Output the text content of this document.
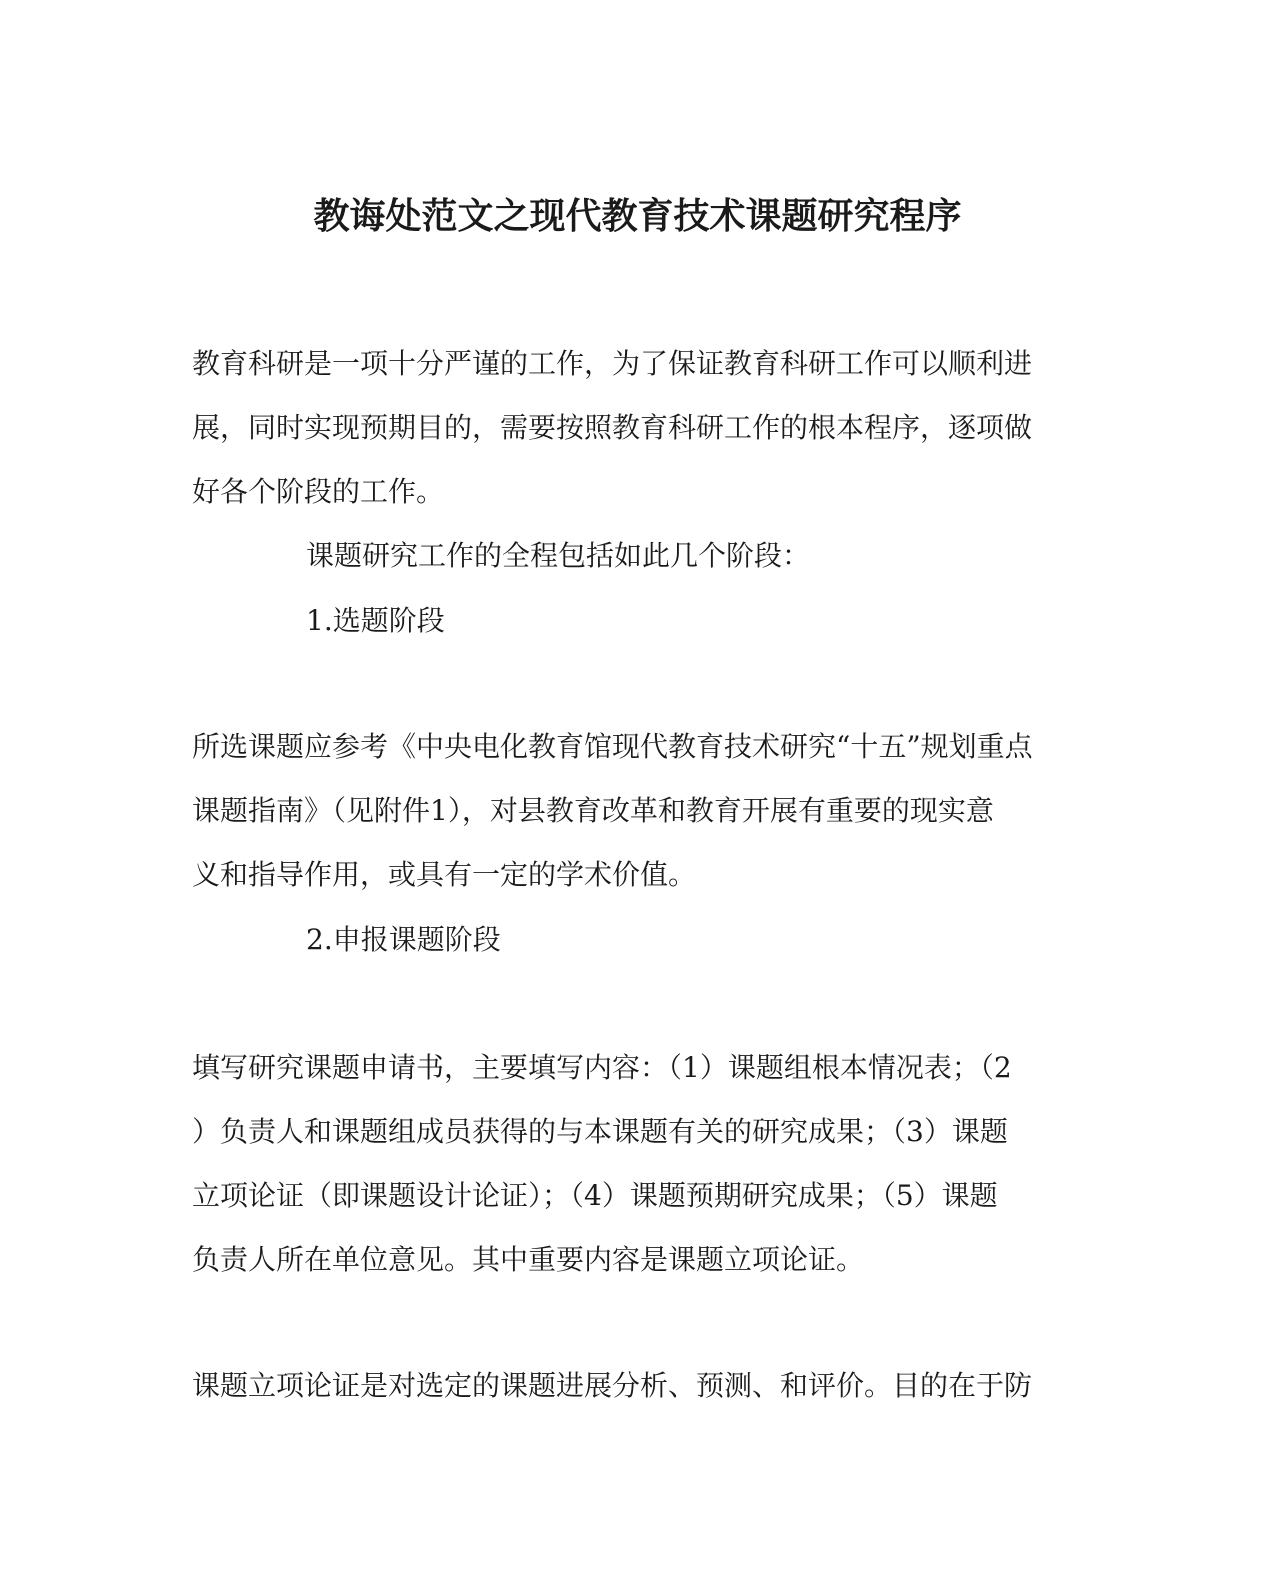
教诲处范文之现代教育技术课题研究程序
教育科研是一项十分严谨的工作，为了保证教育科研工作可以顺利进
展，同时实现预期目的，需要按照教育科研工作的根本程序，逐项做
好各个阶段的工作。

课题研究工作的全程包括如此几个阶段：

1.选题阶段

所选课题应参考《中央电化教育馆现代教育技术研究“十五”规划重点
课题指南》（见附件1），对县教育改革和教育开展有重要的现实意
义和指导作用，或具有一定的学术价值。

2.申报课题阶段

填写研究课题申请书，主要填写内容：（1）课题组根本情况表；（2
）负责人和课题组成员获得的与本课题有关的研究成果；（3）课题
立项论证（即课题设计论证）；（4）课题预期研究成果；（5）课题
负责人所在单位意见。其中重要内容是课题立项论证。
课题立项论证是对选定的课题进展分析、预测、和评价。目的在于防
